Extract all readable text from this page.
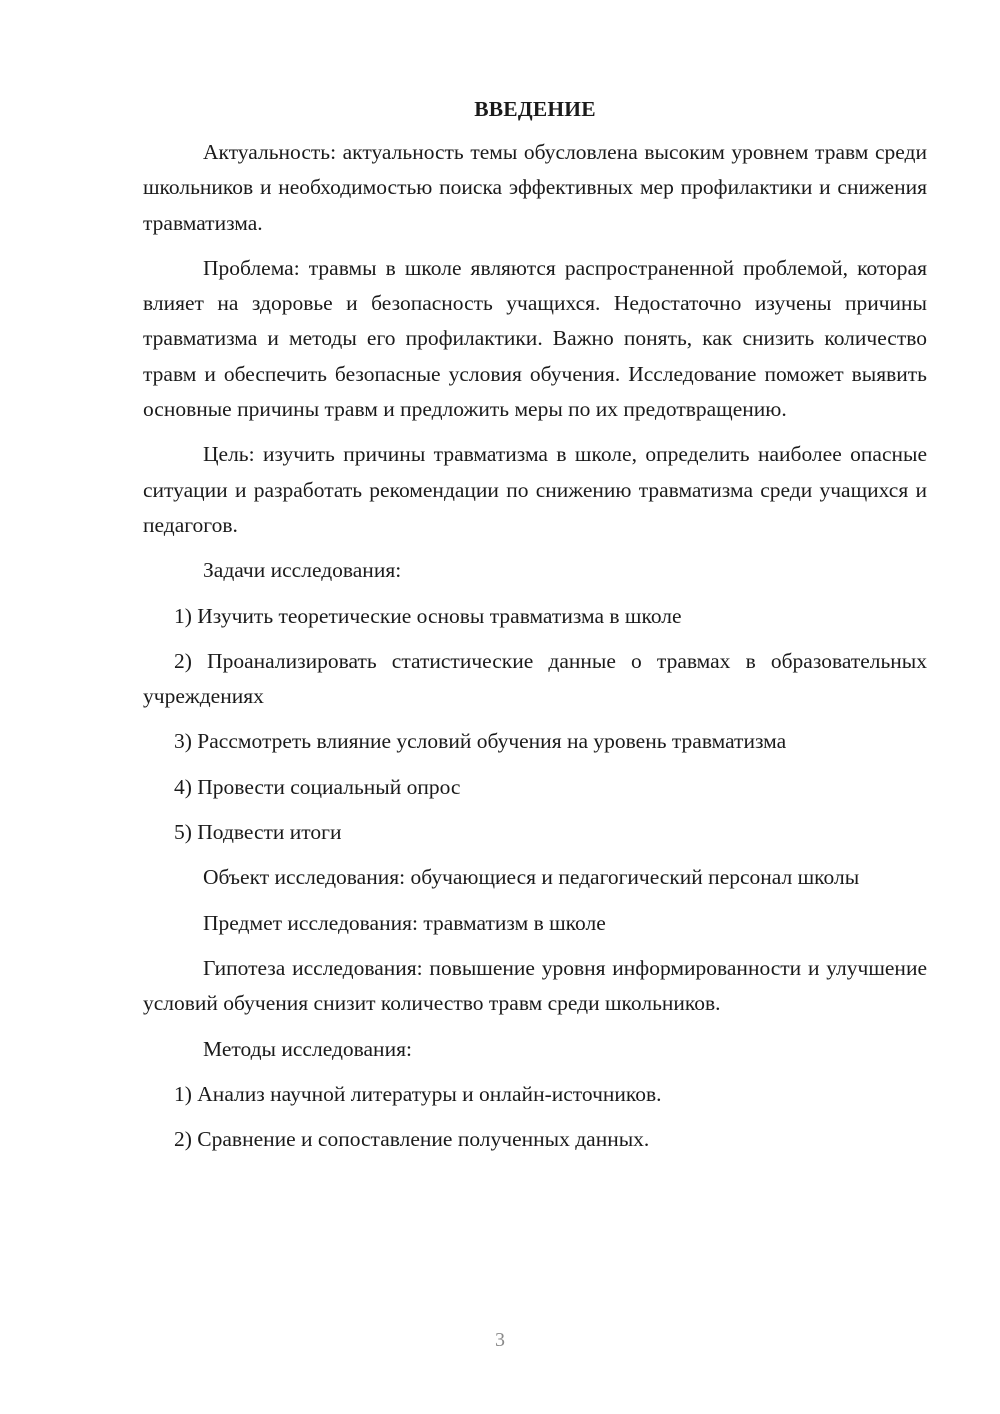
ВВЕДЕНИЕ

Актуальность: актуальность темы обусловлена высоким уровнем травм среди школьников и необходимостью поиска эффективных мер профилактики и снижения травматизма.

Проблема: травмы в школе являются распространенной проблемой, которая влияет на здоровье и безопасность учащихся. Недостаточно изучены причины травматизма и методы его профилактики. Важно понять, как снизить количество травм и обеспечить безопасные условия обучения. Исследование поможет выявить основные причины травм и предложить меры по их предотвращению.

Цель: изучить причины травматизма в школе, определить наиболее опасные ситуации и разработать рекомендации по снижению травматизма среди учащихся и педагогов.

Задачи исследования:

1) Изучить теоретические основы травматизма в школе

2) Проанализировать статистические данные о травмах в образовательных учреждениях

3) Рассмотреть влияние условий обучения на уровень травматизма

4) Провести социальный опрос

5) Подвести итоги

Объект исследования: обучающиеся и педагогический персонал школы

Предмет исследования: травматизм в школе

Гипотеза исследования: повышение уровня информированности и улучшение условий обучения снизит количество травм среди школьников.

Методы исследования:

1) Анализ научной литературы и онлайн-источников.

2) Сравнение и сопоставление полученных данных.

3
